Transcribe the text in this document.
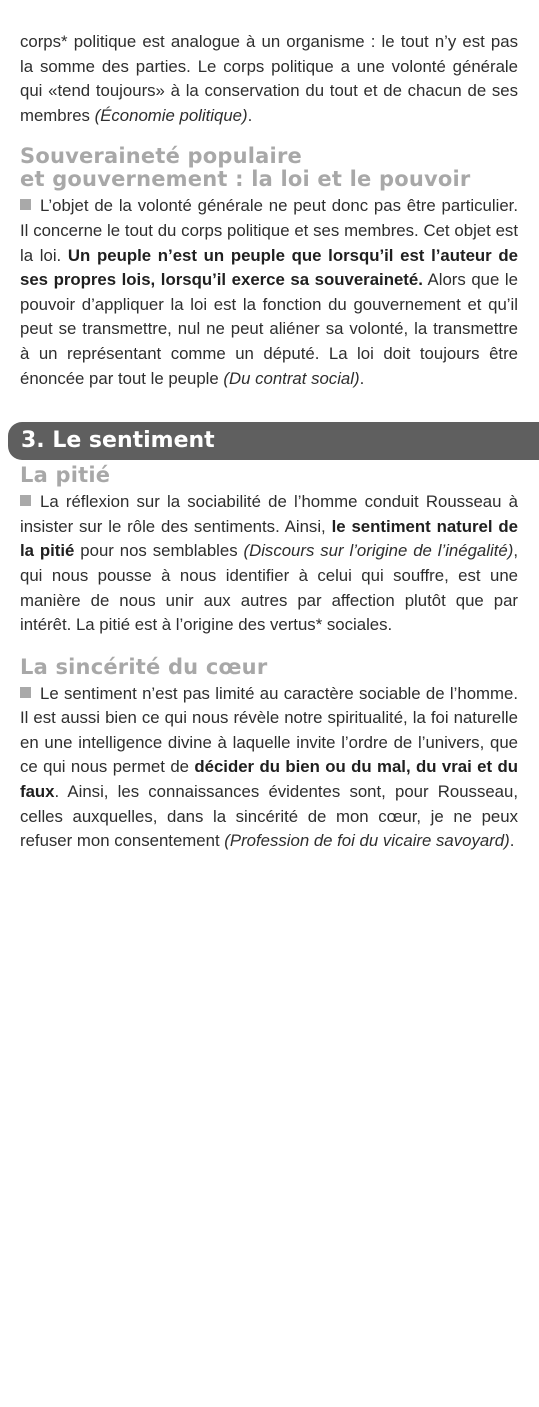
corps* politique est analogue à un organisme : le tout n’y est pas la somme des parties. Le corps politique a une volonté générale qui «tend toujours» à la conservation du tout et de chacun de ses membres (Économie politique).

Souveraineté populaire
et gouvernement : la loi et le pouvoir

L’objet de la volonté générale ne peut donc pas être particulier. Il concerne le tout du corps politique et ses membres. Cet objet est la loi. Un peuple n’est un peuple que lorsqu’il est l’auteur de ses propres lois, lorsqu’il exerce sa souveraineté. Alors que le pouvoir d’appliquer la loi est la fonction du gouvernement et qu’il peut se transmettre, nul ne peut aliéner sa volonté, la transmettre à un représentant comme un député. La loi doit toujours être énoncée par tout le peuple (Du contrat social).

3. Le sentiment
La pitié

La réflexion sur la sociabilité de l’homme conduit Rousseau à insister sur le rôle des sentiments. Ainsi, le sentiment naturel de la pitié pour nos semblables (Discours sur l’origine de l’inégalité), qui nous pousse à nous identifier à celui qui souffre, est une manière de nous unir aux autres par affection plutôt que par intérêt. La pitié est à l’origine des vertus* sociales.

La sincérité du cœur

Le sentiment n’est pas limité au caractère sociable de l’homme. Il est aussi bien ce qui nous révèle notre spiritualité, la foi naturelle en une intelligence divine à laquelle invite l’ordre de l’univers, que ce qui nous permet de décider du bien ou du mal, du vrai et du faux. Ainsi, les connaissances évidentes sont, pour Rousseau, celles auxquelles, dans la sincérité de mon cœur, je ne peux refuser mon consentement (Profession de foi du vicaire savoyard).
